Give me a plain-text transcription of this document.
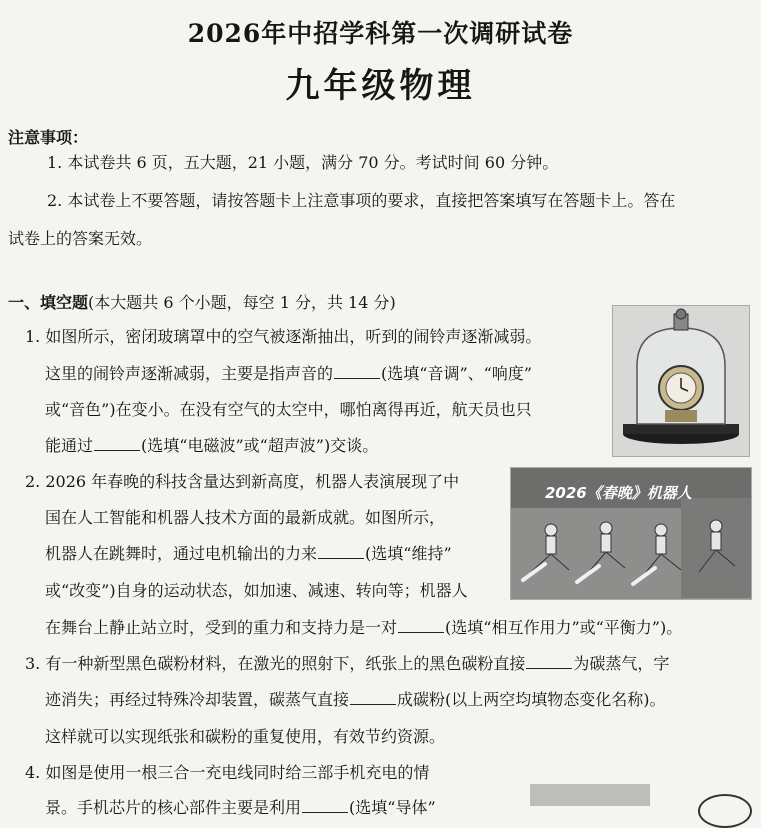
2026年中招学科第一次调研试卷
九年级物理
注意事项：
1. 本试卷共 6 页，五大题，21 小题，满分 70 分。考试时间 60 分钟。
2. 本试卷上不要答题，请按答题卡上注意事项的要求，直接把答案填写在答题卡上。答在
试卷上的答案无效。
一、填空题(本大题共 6 个小题，每空 1 分，共 14 分)
1. 如图所示，密闭玻璃罩中的空气被逐渐抽出，听到的闹铃声逐渐减弱。
这里的闹铃声逐渐减弱，主要是指声音的	(选填“音调”、“响度”
或“音色”)在变小。在没有空气的太空中，哪怕离得再近，航天员也只
能通过	(选填“电磁波”或“超声波”)交谈。
2. 2026 年春晚的科技含量达到新高度，机器人表演展现了中
国在人工智能和机器人技术方面的最新成就。如图所示，
机器人在跳舞时，通过电机输出的力来	(选填“维持”
或“改变”)自身的运动状态，如加速、减速、转向等；机器人
在舞台上静止站立时，受到的重力和支持力是一对	(选填“相互作用力”或“平衡力”)。
2026《春晚》机器人
3. 有一种新型黑色碳粉材料，在激光的照射下，纸张上的黑色碳粉直接	为碳蒸气，字
迹消失；再经过特殊冷却装置，碳蒸气直接	成碳粉(以上两空均填物态变化名称)。
这样就可以实现纸张和碳粉的重复使用，有效节约资源。
4. 如图是使用一根三合一充电线同时给三部手机充电的情
景。手机芯片的核心部件主要是利用	(选填“导体”
